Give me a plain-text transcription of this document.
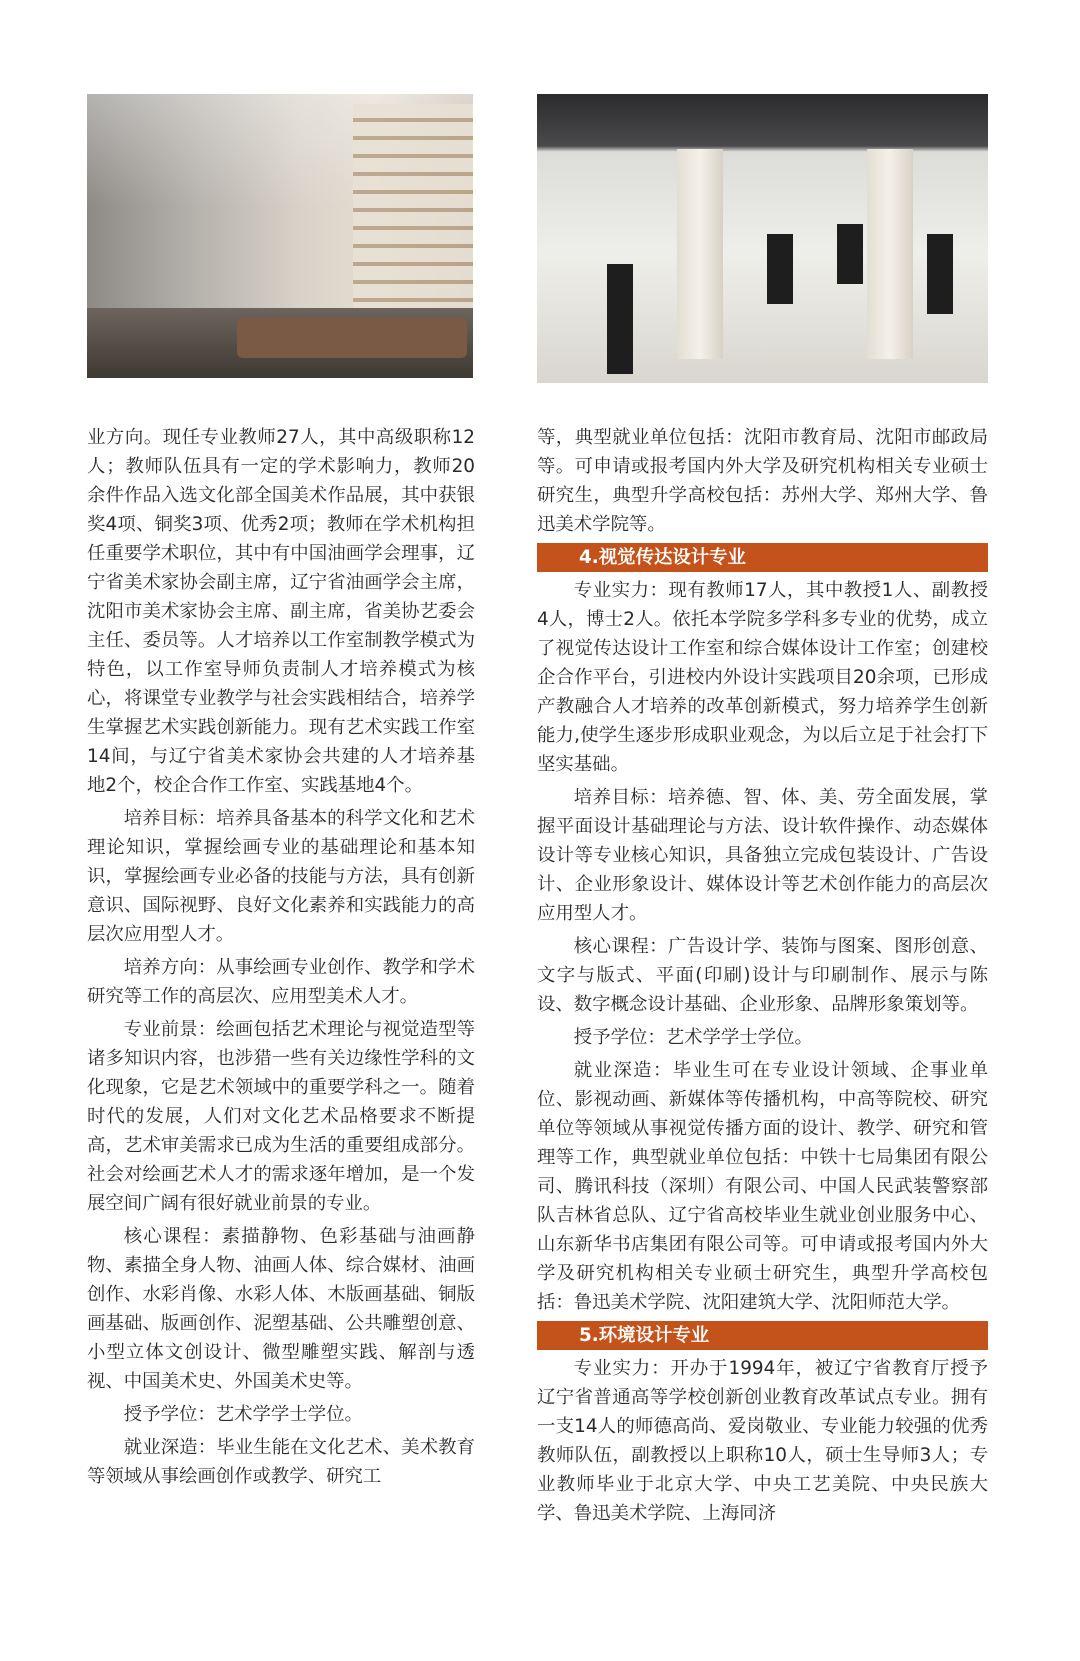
业方向。现任专业教师27人，其中高级职称12人；教师队伍具有一定的学术影响力，教师20余件作品入选文化部全国美术作品展，其中获银奖4项、铜奖3项、优秀2项；教师在学术机构担任重要学术职位，其中有中国油画学会理事，辽宁省美术家协会副主席，辽宁省油画学会主席，沈阳市美术家协会主席、副主席，省美协艺委会主任、委员等。人才培养以工作室制教学模式为特色，以工作室导师负责制人才培养模式为核心，将课堂专业教学与社会实践相结合，培养学生掌握艺术实践创新能力。现有艺术实践工作室14间，与辽宁省美术家协会共建的人才培养基地2个，校企合作工作室、实践基地4个。

培养目标：培养具备基本的科学文化和艺术理论知识，掌握绘画专业的基础理论和基本知识，掌握绘画专业必备的技能与方法，具有创新意识、国际视野、良好文化素养和实践能力的高层次应用型人才。

培养方向：从事绘画专业创作、教学和学术研究等工作的高层次、应用型美术人才。

专业前景：绘画包括艺术理论与视觉造型等诸多知识内容，也涉猎一些有关边缘性学科的文化现象，它是艺术领域中的重要学科之一。随着时代的发展，人们对文化艺术品格要求不断提高，艺术审美需求已成为生活的重要组成部分。社会对绘画艺术人才的需求逐年增加，是一个发展空间广阔有很好就业前景的专业。

核心课程：素描静物、色彩基础与油画静物、素描全身人物、油画人体、综合媒材、油画创作、水彩肖像、水彩人体、木版画基础、铜版画基础、版画创作、泥塑基础、公共雕塑创意、小型立体文创设计、微型雕塑实践、解剖与透视、中国美术史、外国美术史等。

授予学位：艺术学学士学位。

就业深造：毕业生能在文化艺术、美术教育等领域从事绘画创作或教学、研究工

等，典型就业单位包括：沈阳市教育局、沈阳市邮政局等。可申请或报考国内外大学及研究机构相关专业硕士研究生，典型升学高校包括：苏州大学、郑州大学、鲁迅美术学院等。

4.视觉传达设计专业

专业实力：现有教师17人，其中教授1人、副教授4人，博士2人。依托本学院多学科多专业的优势，成立了视觉传达设计工作室和综合媒体设计工作室；创建校企合作平台，引进校内外设计实践项目20余项，已形成产教融合人才培养的改革创新模式，努力培养学生创新能力,使学生逐步形成职业观念，为以后立足于社会打下坚实基础。

培养目标：培养德、智、体、美、劳全面发展，掌握平面设计基础理论与方法、设计软件操作、动态媒体设计等专业核心知识，具备独立完成包装设计、广告设计、企业形象设计、媒体设计等艺术创作能力的高层次应用型人才。

核心课程：广告设计学、装饰与图案、图形创意、文字与版式、平面(印刷)设计与印刷制作、展示与陈设、数字概念设计基础、企业形象、品牌形象策划等。

授予学位：艺术学学士学位。

就业深造：毕业生可在专业设计领域、企事业单位、影视动画、新媒体等传播机构，中高等院校、研究单位等领域从事视觉传播方面的设计、教学、研究和管理等工作，典型就业单位包括：中铁十七局集团有限公司、腾讯科技（深圳）有限公司、中国人民武装警察部队吉林省总队、辽宁省高校毕业生就业创业服务中心、山东新华书店集团有限公司等。可申请或报考国内外大学及研究机构相关专业硕士研究生，典型升学高校包括：鲁迅美术学院、沈阳建筑大学、沈阳师范大学。

5.环境设计专业

专业实力：开办于1994年，被辽宁省教育厅授予辽宁省普通高等学校创新创业教育改革试点专业。拥有一支14人的师德高尚、爱岗敬业、专业能力较强的优秀教师队伍，副教授以上职称10人，硕士生导师3人；专业教师毕业于北京大学、中央工艺美院、中央民族大学、鲁迅美术学院、上海同济
